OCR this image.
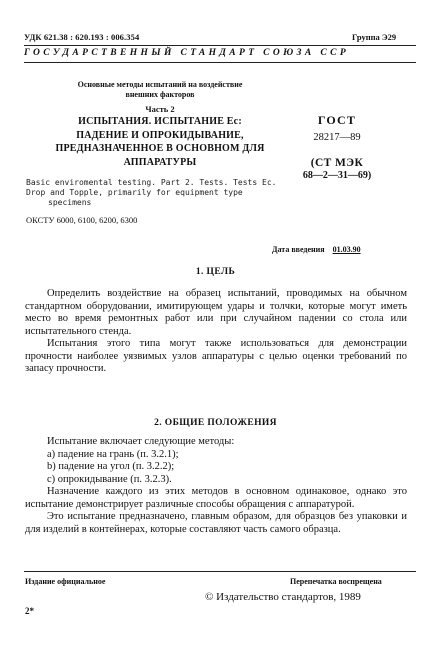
УДК 621.38 : 620.193 : 006.354	Группа Э29
ГОСУДАРСТВЕННЫЙ СТАНДАРТ СОЮЗА ССР
Основные методы испытаний на воздействие
внешних факторов
Часть 2
ИСПЫТАНИЯ. ИСПЫТАНИЕ Ec:
ПАДЕНИЕ И ОПРОКИДЫВАНИЕ,
ПРЕДНАЗНАЧЕННОЕ В ОСНОВНОМ ДЛЯ
АППАРАТУРЫ
ГОСТ
28217—89
(СТ МЭК
68—2—31—69)
Basic enviromental testing. Part 2. Tests. Tests Ec.
Drop and Topple, primarily for equipment type
specimens
ОКСТУ 6000, 6100, 6200, 6300
Дата введения 01.03.90
1. ЦЕЛЬ

Определить воздействие на образец испытаний, проводимых на обычном стандартном оборудовании, имитирующем удары и толчки, которые могут иметь место во время ремонтных работ или при случайном падении со стола или испытательного стенда.

Испытания этого типа могут также использоваться для демонстрации прочности наиболее уязвимых узлов аппаратуры с целью оценки требований по запасу прочности.

2. ОБЩИЕ ПОЛОЖЕНИЯ

Испытание включает следующие методы:

а) падение на грань (п. 3.2.1);

b) падение на угол (п. 3.2.2);

с) опрокидывание (п. 3.2.3).

Назначение каждого из этих методов в основном одинаковое, однако это испытание демонстрирует различные способы обращения с аппаратурой.

Это испытание предназначено, главным образом, для образцов без упаковки и для изделий в контейнерах, которые составляют часть самого образца.

Издание официальное	Перепечатка воспрещена
© Издательство стандартов, 1989
2*
